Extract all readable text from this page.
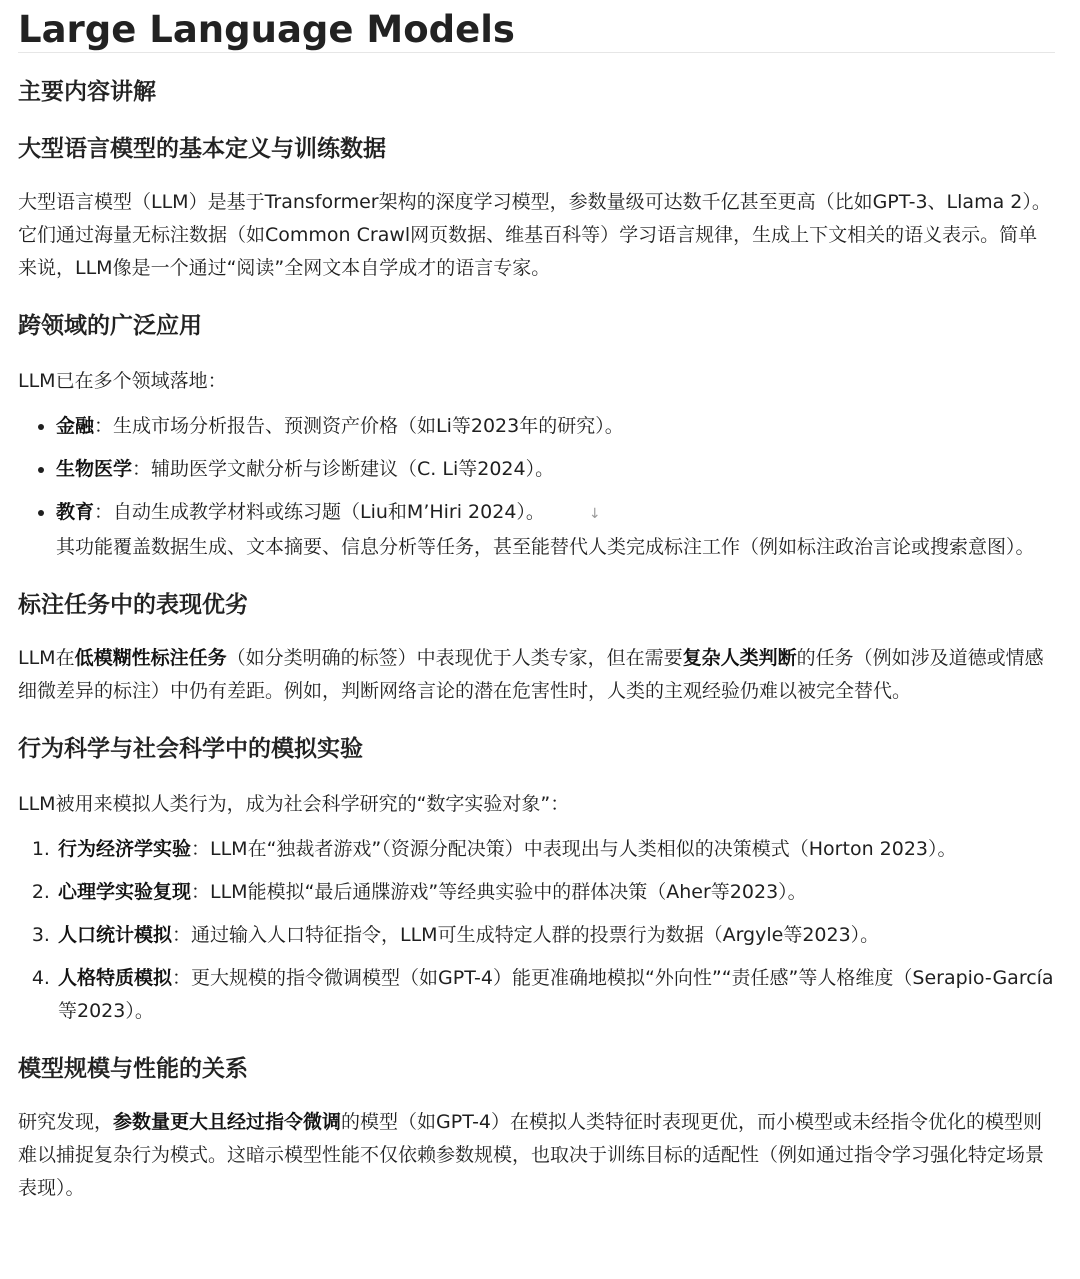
Large Language Models
主要内容讲解
大型语言模型的基本定义与训练数据

大型语言模型（LLM）是基于Transformer架构的深度学习模型，参数量级可达数千亿甚至更高（比如GPT-3、Llama 2）。它们通过海量无标注数据（如Common Crawl网页数据、维基百科等）学习语言规律，生成上下文相关的语义表示。简单来说，LLM像是一个通过“阅读”全网文本自学成才的语言专家。

跨领域的广泛应用

LLM已在多个领域落地：

• 金融：生成市场分析报告、预测资产价格（如Li等2023年的研究）。
• 生物医学：辅助医学文献分析与诊断建议（C. Li等2024）。
• 教育：自动生成教学材料或练习题（Liu和M’Hiri 2024）。	↓
其功能覆盖数据生成、文本摘要、信息分析等任务，甚至能替代人类完成标注工作（例如标注政治言论或搜索意图）。
标注任务中的表现优劣

LLM在低模糊性标注任务（如分类明确的标签）中表现优于人类专家，但在需要复杂人类判断的任务（例如涉及道德或情感细微差异的标注）中仍有差距。例如，判断网络言论的潜在危害性时，人类的主观经验仍难以被完全替代。

行为科学与社会科学中的模拟实验

LLM被用来模拟人类行为，成为社会科学研究的“数字实验对象”：

1. 行为经济学实验：LLM在“独裁者游戏”（资源分配决策）中表现出与人类相似的决策模式（Horton 2023）。
2. 心理学实验复现：LLM能模拟“最后通牒游戏”等经典实验中的群体决策（Aher等2023）。
3. 人口统计模拟：通过输入人口特征指令，LLM可生成特定人群的投票行为数据（Argyle等2023）。
4. 人格特质模拟：更大规模的指令微调模型（如GPT-4）能更准确地模拟“外向性”“责任感”等人格维度（Serapio-García等2023）。
模型规模与性能的关系

研究发现，参数量更大且经过指令微调的模型（如GPT-4）在模拟人类特征时表现更优，而小模型或未经指令优化的模型则难以捕捉复杂行为模式。这暗示模型性能不仅依赖参数规模，也取决于训练目标的适配性（例如通过指令学习强化特定场景表现）。
